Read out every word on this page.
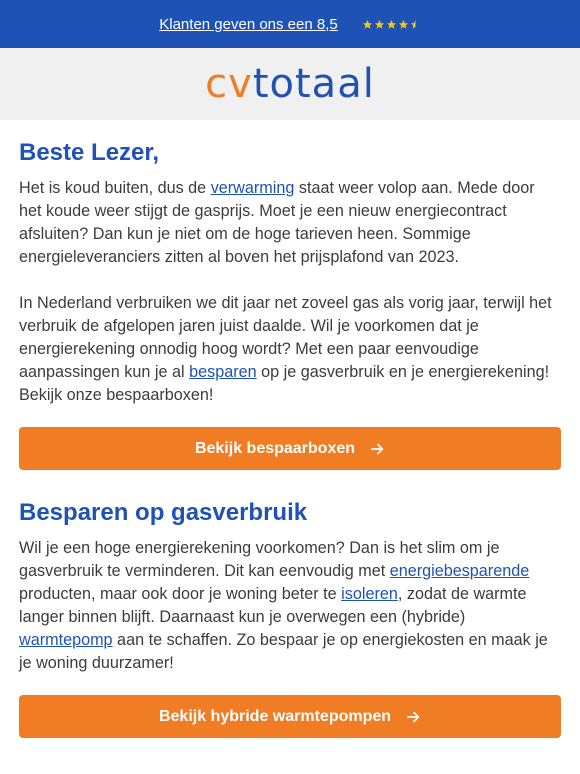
Klanten geven ons een 8,5
cvtotaal
Beste Lezer,

Het is koud buiten, dus de verwarming staat weer volop aan. Mede door het koude weer stijgt de gasprijs. Moet je een nieuw energiecontract afsluiten? Dan kun je niet om de hoge tarieven heen. Sommige energieleveranciers zitten al boven het prijsplafond van 2023.

In Nederland verbruiken we dit jaar net zoveel gas als vorig jaar, terwijl het verbruik de afgelopen jaren juist daalde. Wil je voorkomen dat je energierekening onnodig hoog wordt? Met een paar eenvoudige aanpassingen kun je al besparen op je gasverbruik en je energierekening! Bekijk onze bespaarboxen!

Bekijk bespaarboxen
Besparen op gasverbruik

Wil je een hoge energierekening voorkomen? Dan is het slim om je gasverbruik te verminderen. Dit kan eenvoudig met energiebesparende producten, maar ook door je woning beter te isoleren, zodat de warmte langer binnen blijft. Daarnaast kun je overwegen een (hybride) warmtepomp aan te schaffen. Zo bespaar je op energiekosten en maak je je woning duurzamer!

Bekijk hybride warmtepompen
